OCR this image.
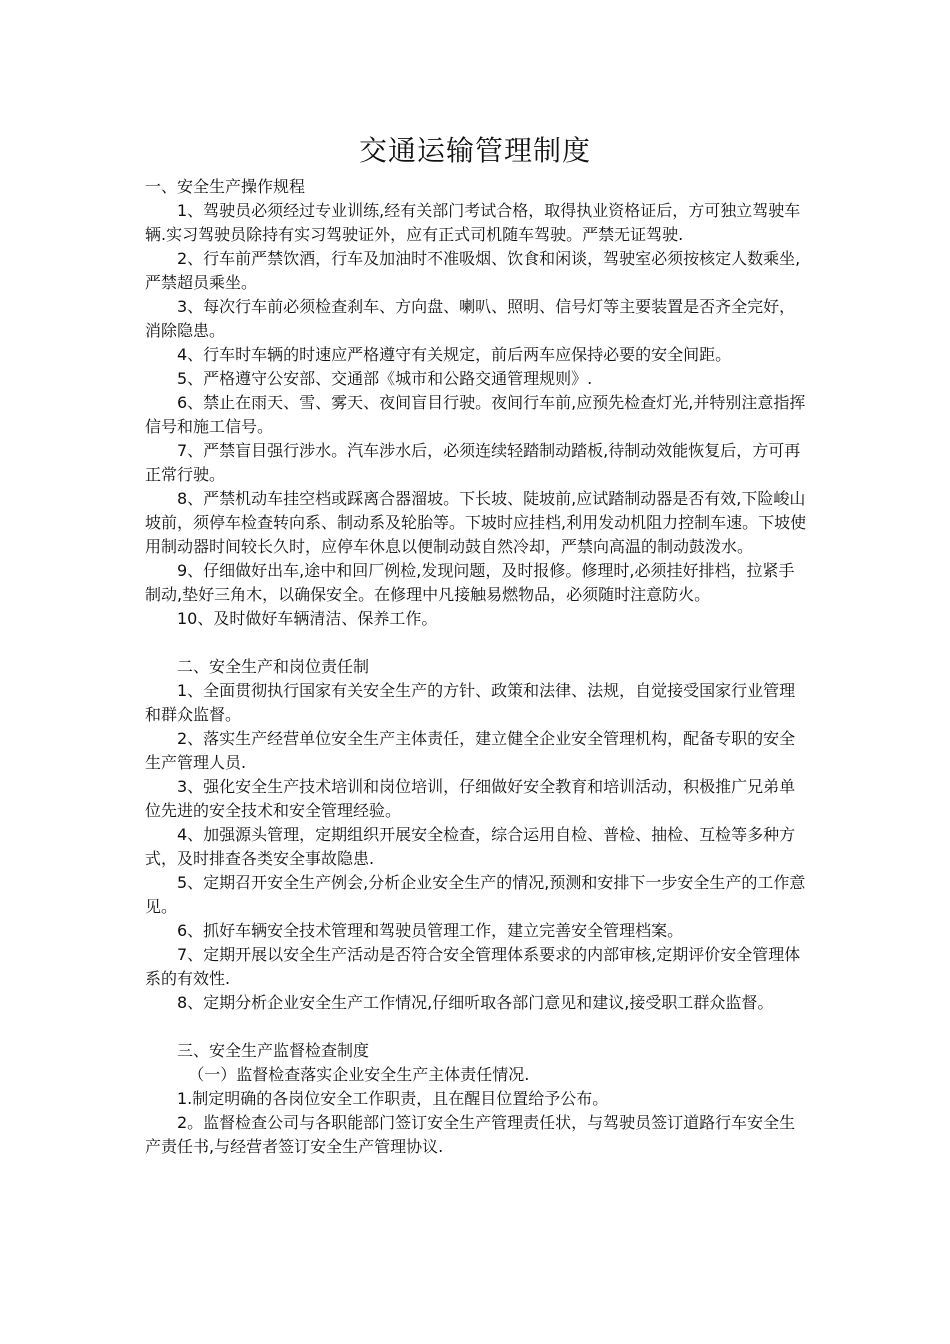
交通运输管理制度

一、安全生产操作规程

1、驾驶员必须经过专业训练,经有关部门考试合格，取得执业资格证后，方可独立驾驶车辆.实习驾驶员除持有实习驾驶证外，应有正式司机随车驾驶。严禁无证驾驶.

2、行车前严禁饮酒，行车及加油时不准吸烟、饮食和闲谈，驾驶室必须按核定人数乘坐,严禁超员乘坐。

3、每次行车前必须检查刹车、方向盘、喇叭、照明、信号灯等主要装置是否齐全完好，消除隐患。

4、行车时车辆的时速应严格遵守有关规定，前后两车应保持必要的安全间距。

5、严格遵守公安部、交通部《城市和公路交通管理规则》.

6、禁止在雨天、雪、雾天、夜间盲目行驶。夜间行车前,应预先检查灯光,并特别注意指挥信号和施工信号。

7、严禁盲目强行涉水。汽车涉水后，必须连续轻踏制动踏板,待制动效能恢复后，方可再正常行驶。

8、严禁机动车挂空档或踩离合器溜坡。下长坡、陡坡前,应试踏制动器是否有效,下险峻山坡前，须停车检查转向系、制动系及轮胎等。下坡时应挂档,利用发动机阻力控制车速。下坡使用制动器时间较长久时，应停车休息以便制动鼓自然冷却，严禁向高温的制动鼓泼水。

9、仔细做好出车,途中和回厂例检,发现问题，及时报修。修理时,必须挂好排档，拉紧手制动,垫好三角木，以确保安全。在修理中凡接触易燃物品，必须随时注意防火。

10、及时做好车辆清洁、保养工作。

二、安全生产和岗位责任制

1、全面贯彻执行国家有关安全生产的方针、政策和法律、法规，自觉接受国家行业管理和群众监督。

2、落实生产经营单位安全生产主体责任，建立健全企业安全管理机构，配备专职的安全生产管理人员.

3、强化安全生产技术培训和岗位培训，仔细做好安全教育和培训活动，积极推广兄弟单位先进的安全技术和安全管理经验。

4、加强源头管理，定期组织开展安全检查，综合运用自检、普检、抽检、互检等多种方式，及时排查各类安全事故隐患.

5、定期召开安全生产例会,分析企业安全生产的情况,预测和安排下一步安全生产的工作意见。

6、抓好车辆安全技术管理和驾驶员管理工作，建立完善安全管理档案。

7、定期开展以安全生产活动是否符合安全管理体系要求的内部审核,定期评价安全管理体系的有效性.

8、定期分析企业安全生产工作情况,仔细听取各部门意见和建议,接受职工群众监督。

三、安全生产监督检查制度

（一）监督检查落实企业安全生产主体责任情况.

1.制定明确的各岗位安全工作职责，且在醒目位置给予公布。

2。监督检查公司与各职能部门签订安全生产管理责任状，与驾驶员签订道路行车安全生产责任书,与经营者签订安全生产管理协议.
